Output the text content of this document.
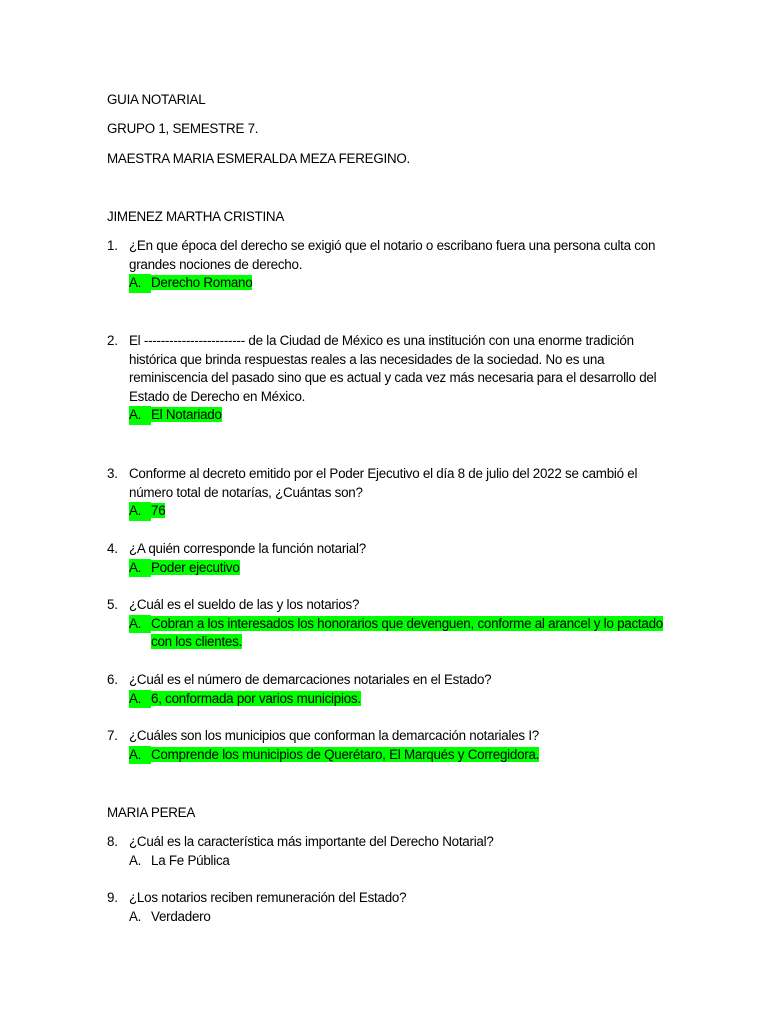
GUIA NOTARIAL
GRUPO 1, SEMESTRE 7.
MAESTRA MARIA ESMERALDA MEZA FEREGINO.
JIMENEZ MARTHA CRISTINA
1. ¿En que época del derecho se exigió que el notario o escribano fuera una persona culta con grandes nociones de derecho.
A. Derecho Romano
2. El ------------------------ de la Ciudad de México es una institución con una enorme tradición histórica que brinda respuestas reales a las necesidades de la sociedad. No es una reminiscencia del pasado sino que es actual y cada vez más necesaria para el desarrollo del Estado de Derecho en México.
A. El Notariado
3. Conforme al decreto emitido por el Poder Ejecutivo el día 8 de julio del 2022 se cambió el número total de notarías, ¿Cuántas son?
A. 76
4. ¿A quién corresponde la función notarial?
A. Poder ejecutivo
5. ¿Cuál es el sueldo de las y los notarios?
A. Cobran a los interesados los honorarios que devenguen, conforme al arancel y lo pactado con los clientes.
6. ¿Cuál es el número de demarcaciones notariales en el Estado?
A. 6, conformada por varios municipios.
7. ¿Cuáles son los municipios que conforman la demarcación notariales I?
A. Comprende los municipios de Querétaro, El Marqués y Corregidora.
MARIA PEREA
8. ¿Cuál es la característica más importante del Derecho Notarial?
A. La Fe Pública
9. ¿Los notarios reciben remuneración del Estado?
A. Verdadero
